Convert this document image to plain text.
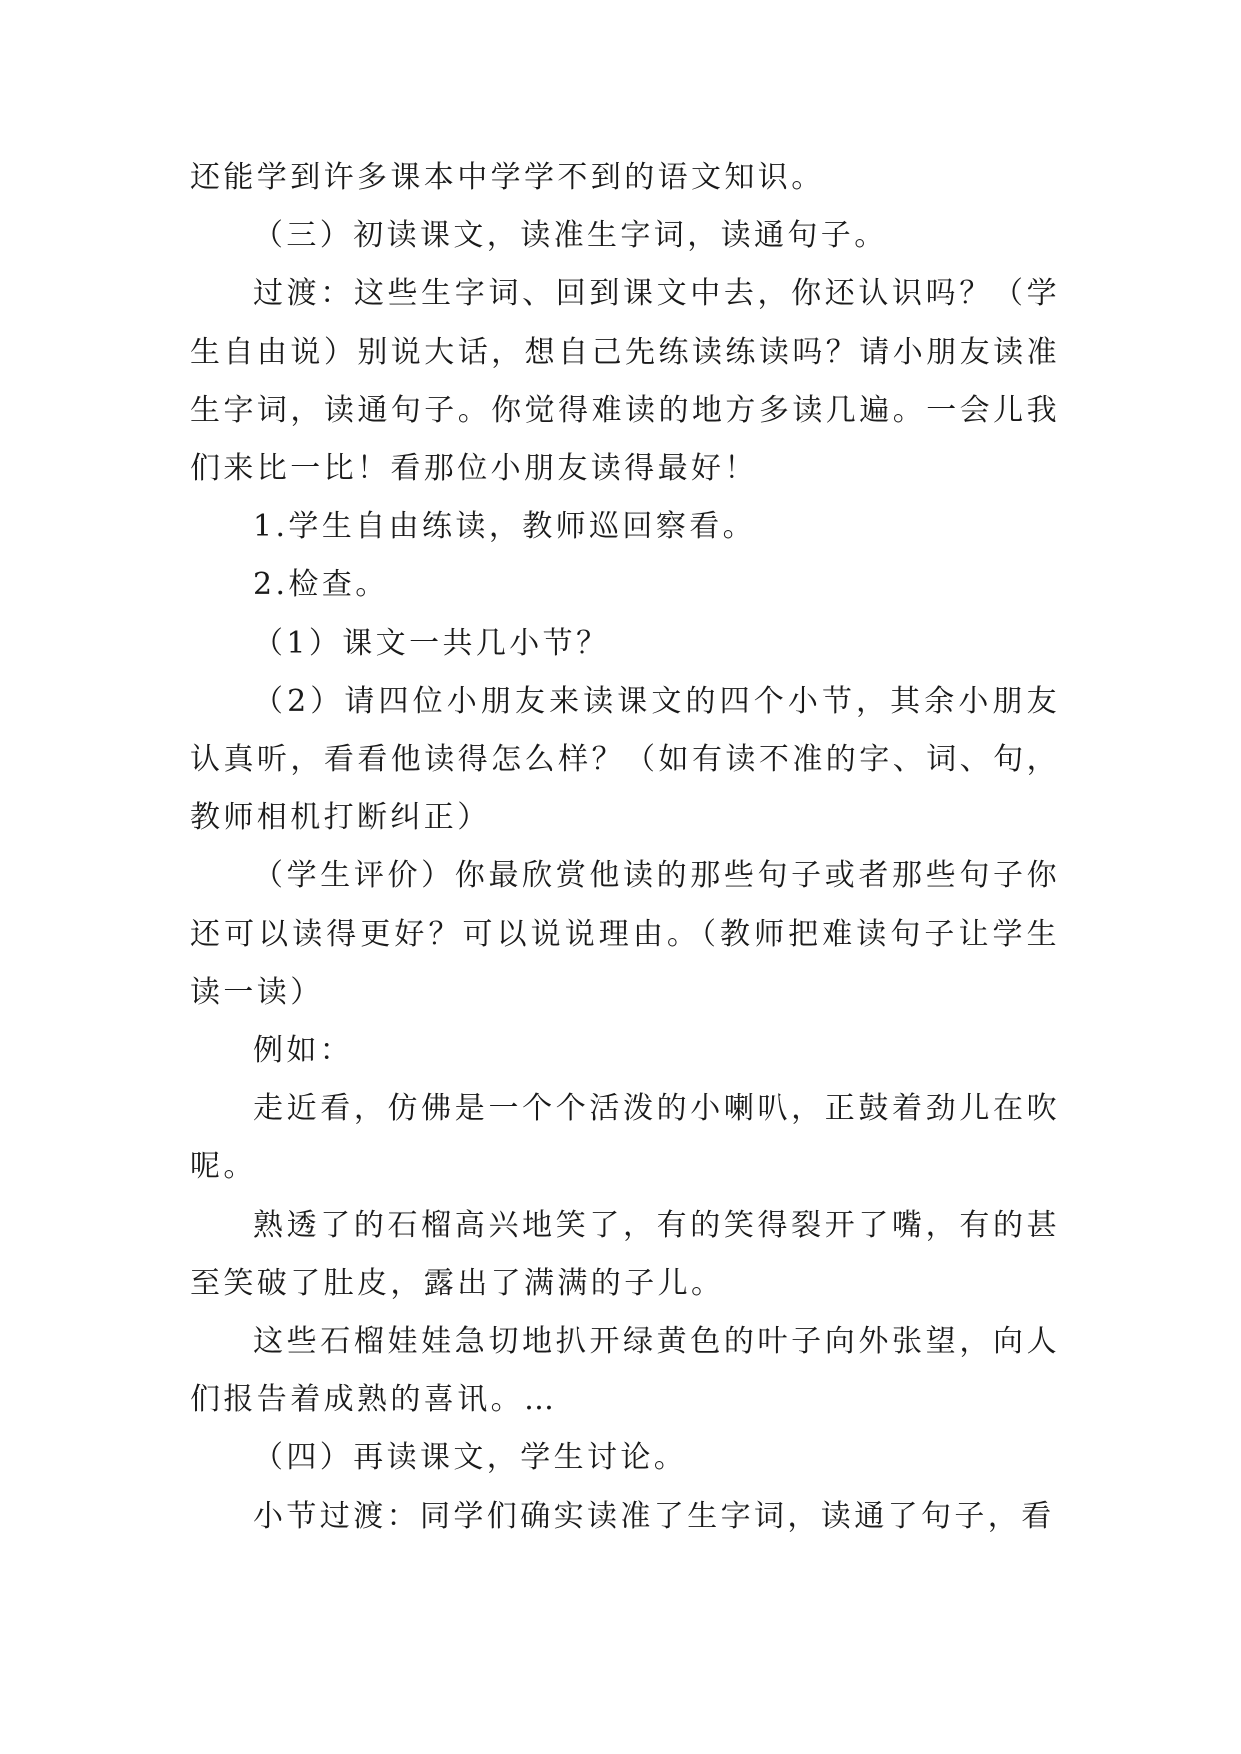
还能学到许多课本中学学不到的语文知识。

（三）初读课文，读准生字词，读通句子。

过渡：这些生字词、回到课文中去，你还认识吗？（学生自由说）别说大话，想自己先练读练读吗？请小朋友读准生字词，读通句子。你觉得难读的地方多读几遍。一会儿我们来比一比！看那位小朋友读得最好！

1.学生自由练读，教师巡回察看。

2.检查。

（1）课文一共几小节？

（2）请四位小朋友来读课文的四个小节，其余小朋友认真听，看看他读得怎么样？（如有读不准的字、词、句，教师相机打断纠正）

（学生评价）你最欣赏他读的那些句子或者那些句子你还可以读得更好？可以说说理由。（教师把难读句子让学生读一读）

例如：

走近看，仿佛是一个个活泼的小喇叭，正鼓着劲儿在吹呢。

熟透了的石榴高兴地笑了，有的笑得裂开了嘴，有的甚至笑破了肚皮，露出了满满的子儿。

这些石榴娃娃急切地扒开绿黄色的叶子向外张望，向人们报告着成熟的喜讯。…

（四）再读课文，学生讨论。

小节过渡：同学们确实读准了生字词，读通了句子，看
